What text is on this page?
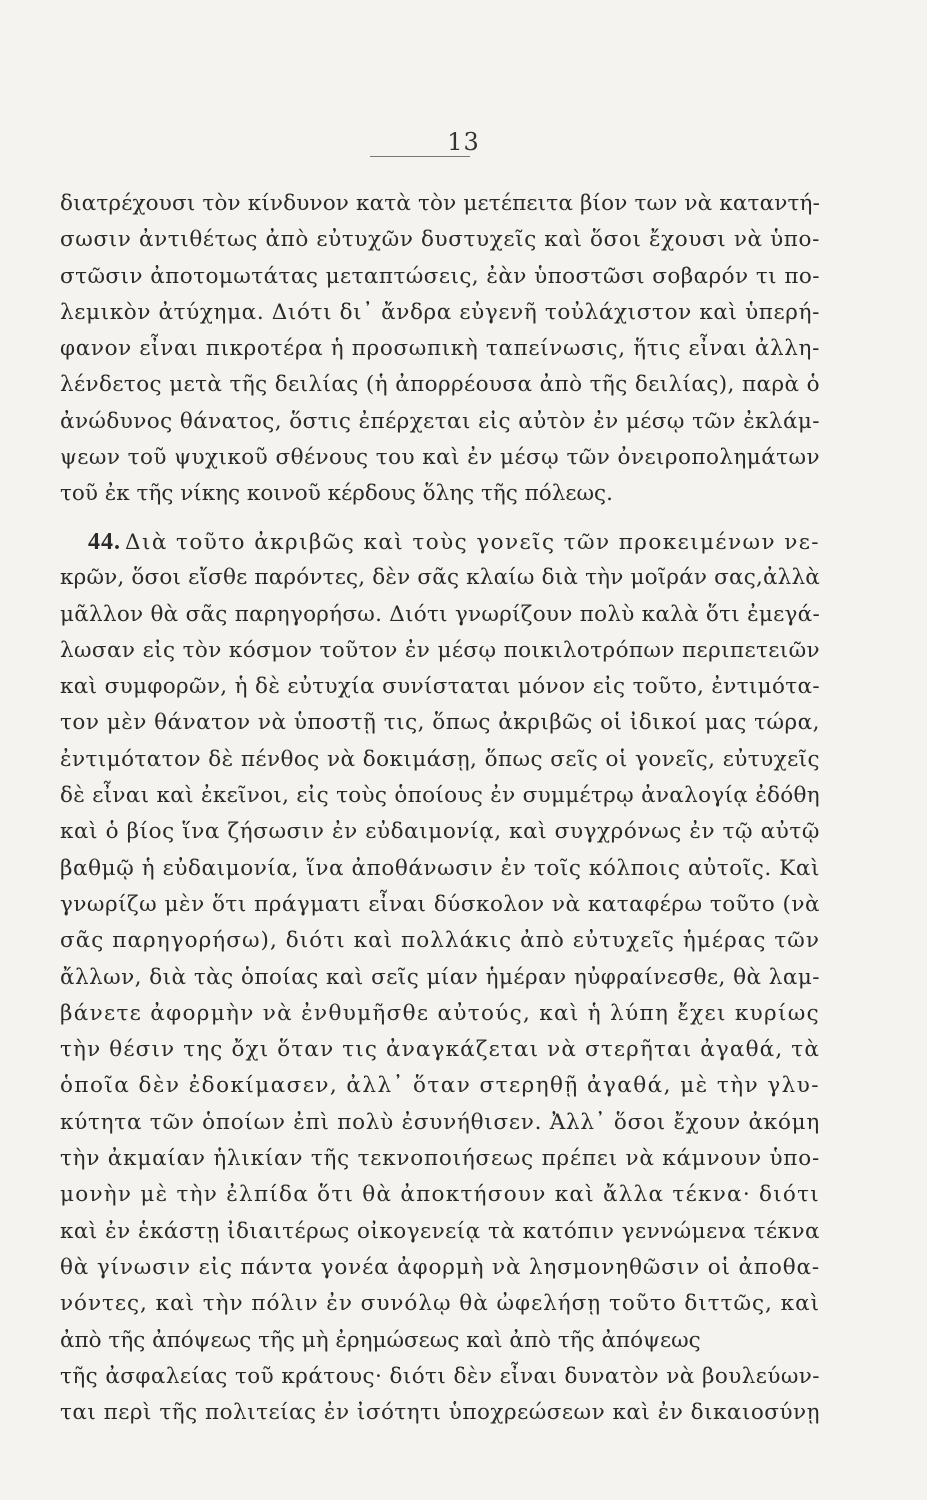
13
διατρέχουσι τὸν κίνδυνον κατὰ τὸν μετέπειτα βίον των νὰ καταντή-
σωσιν ἀντιθέτως ἀπὸ εὐτυχῶν δυστυχεῖς καὶ ὅσοι ἔχουσι νὰ ὑπο-
στῶσιν ἀποτομωτάτας μεταπτώσεις, ἐὰν ὑποστῶσι σοβαρόν τι πο-
λεμικὸν ἀτύχημα. Διότι δι᾽ ἄνδρα εὐγενῆ τοὐλάχιστον καὶ ὑπερή-
φανον εἶναι πικροτέρα ἡ προσωπικὴ ταπείνωσις, ἥτις εἶναι ἀλλη-
λένδετος μετὰ τῆς δειλίας (ἡ ἀπορρέουσα ἀπὸ τῆς δειλίας), παρὰ ὁ
ἀνώδυνος θάνατος, ὅστις ἐπέρχεται εἰς αὐτὸν ἐν μέσῳ τῶν ἐκλάμ-
ψεων τοῦ ψυχικοῦ σθένους του καὶ ἐν μέσῳ τῶν ὀνειροπολημάτων
τοῦ ἐκ τῆς νίκης κοινοῦ κέρδους ὅλης τῆς πόλεως.
44. Διὰ τοῦτο ἀκριβῶς καὶ τοὺς γονεῖς τῶν προκειμένων νε-
κρῶν, ὅσοι εἴσθε παρόντες, δὲν σᾶς κλαίω διὰ τὴν μοῖράν σας,ἀλλὰ
μᾶλλον θὰ σᾶς παρηγορήσω. Διότι γνωρίζουν πολὺ καλὰ ὅτι ἐμεγά-
λωσαν εἰς τὸν κόσμον τοῦτον ἐν μέσῳ ποικιλοτρόπων περιπετειῶν
καὶ συμφορῶν, ἡ δὲ εὐτυχία συνίσταται μόνον εἰς τοῦτο, ἐντιμότα-
τον μὲν θάνατον νὰ ὑποστῇ τις, ὅπως ἀκριβῶς οἱ ἰδικοί μας τώρα,
ἐντιμότατον δὲ πένθος νὰ δοκιμάσῃ, ὅπως σεῖς οἱ γονεῖς, εὐτυχεῖς
δὲ εἶναι καὶ ἐκεῖνοι, εἰς τοὺς ὁποίους ἐν συμμέτρῳ ἀναλογίᾳ ἐδόθη
καὶ ὁ βίος ἵνα ζήσωσιν ἐν εὐδαιμονίᾳ, καὶ συγχρόνως ἐν τῷ αὐτῷ
βαθμῷ ἡ εὐδαιμονία, ἵνα ἀποθάνωσιν ἐν τοῖς κόλποις αὐτοῖς. Καὶ
γνωρίζω μὲν ὅτι πράγματι εἶναι δύσκολον νὰ καταφέρω τοῦτο (νὰ
σᾶς παρηγορήσω), διότι καὶ πολλάκις ἀπὸ εὐτυχεῖς ἡμέρας τῶν
ἄλλων, διὰ τὰς ὁποίας καὶ σεῖς μίαν ἡμέραν ηὐφραίνεσθε, θὰ λαμ-
βάνετε ἀφορμὴν νὰ ἐνθυμῆσθε αὐτούς, καὶ ἡ λύπη ἔχει κυρίως
τὴν θέσιν της ὄχι ὅταν τις ἀναγκάζεται νὰ στερῆται ἀγαθά, τὰ
ὁποῖα δὲν ἐδοκίμασεν, ἀλλ᾽ ὅταν στερηθῇ ἀγαθά, μὲ τὴν γλυ-
κύτητα τῶν ὁποίων ἐπὶ πολὺ ἐσυνήθισεν. Ἀλλ᾽ ὅσοι ἔχουν ἀκόμη
τὴν ἀκμαίαν ἡλικίαν τῆς τεκνοποιήσεως πρέπει νὰ κάμνουν ὑπο-
μονὴν μὲ τὴν ἐλπίδα ὅτι θὰ ἀποκτήσουν καὶ ἄλλα τέκνα· διότι
καὶ ἐν ἑκάστῃ ἰδιαιτέρως οἰκογενείᾳ τὰ κατόπιν γεννώμενα τέκνα
θὰ γίνωσιν εἰς πάντα γονέα ἀφορμὴ νὰ λησμονηθῶσιν οἱ ἀποθα-
νόντες, καὶ τὴν πόλιν ἐν συνόλῳ θὰ ὠφελήσῃ τοῦτο διττῶς, καὶ
ἀπὸ τῆς ἀπόψεως τῆς μὴ ἐρημώσεως καὶ ἀπὸ τῆς ἀπόψεως
τῆς ἀσφαλείας τοῦ κράτους· διότι δὲν εἶναι δυνατὸν νὰ βουλεύων-
ται περὶ τῆς πολιτείας ἐν ἰσότητι ὑποχρεώσεων καὶ ἐν δικαιοσύνῃ
